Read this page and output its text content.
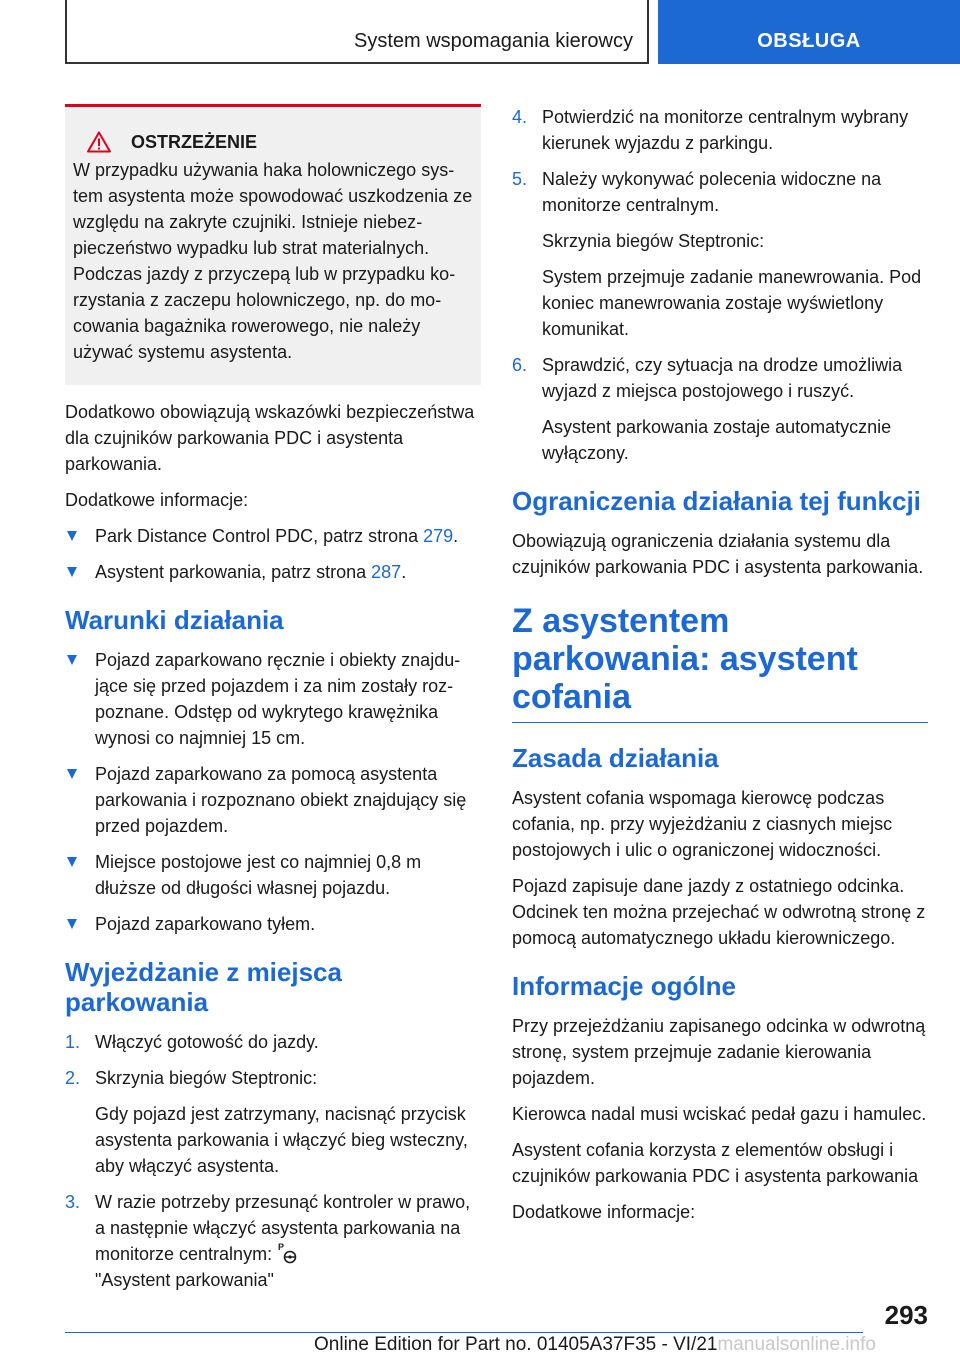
System wspomagania kierowcy	OBSŁUGA
OSTRZEŻENIE
W przypadku używania haka holowniczego system asystenta może spowodować uszkodzenia ze względu na zakryte czujniki. Istnieje niebezpieczeństwo wypadku lub strat materialnych. Podczas jazdy z przyczepą lub w przypadku korzystania z zaczepu holowniczego, np. do mocowania bagażnika rowerowego, nie należy używać systemu asystenta.

Dodatkowo obowiązują wskazówki bezpieczeństwa dla czujników parkowania PDC i asystenta parkowania.

Dodatkowe informacje:

Park Distance Control PDC, patrz strona 279.
Asystent parkowania, patrz strona 287.
Warunki działania
Pojazd zaparkowano ręcznie i obiekty znajdujące się przed pojazdem i za nim zostały rozpoznane. Odstęp od wykrytego krawężnika wynosi co najmniej 15 cm.
Pojazd zaparkowano za pomocą asystenta parkowania i rozpoznano obiekt znajdujący się przed pojazdem.
Miejsce postojowe jest co najmniej 0,8 m dłuższe od długości własnej pojazdu.
Pojazd zaparkowano tyłem.
Wyjeżdżanie z miejsca parkowania
1. Włączyć gotowość do jazdy.
2. Skrzynia biegów Steptronic:
Gdy pojazd jest zatrzymany, nacisnąć przycisk asystenta parkowania i włączyć bieg wsteczny, aby włączyć asystenta.
3. W razie potrzeby przesunąć kontroler w prawo, a następnie włączyć asystenta parkowania na monitorze centralnym: P

"Asystent parkowania"
4. Potwierdzić na monitorze centralnym wybrany kierunek wyjazdu z parkingu.
5. Należy wykonywać polecenia widoczne na monitorze centralnym.
Skrzynia biegów Steptronic:
System przejmuje zadanie manewrowania. Pod koniec manewrowania zostaje wyświetlony komunikat.
6. Sprawdzić, czy sytuacja na drodze umożliwia wyjazd z miejsca postojowego i ruszyć.
Asystent parkowania zostaje automatycznie wyłączony.
Ograniczenia działania tej funkcji

Obowiązują ograniczenia działania systemu dla czujników parkowania PDC i asystenta parkowania.

Z asystentem parkowania: asystent cofania
Zasada działania

Asystent cofania wspomaga kierowcę podczas cofania, np. przy wyjeżdżaniu z ciasnych miejsc postojowych i ulic o ograniczonej widoczności.

Pojazd zapisuje dane jazdy z ostatniego odcinka. Odcinek ten można przejechać w odwrotną stronę z pomocą automatycznego układu kierowniczego.

Informacje ogólne

Przy przejeżdżaniu zapisanego odcinka w odwrotną stronę, system przejmuje zadanie kierowania pojazdem.

Kierowca nadal musi wciskać pedał gazu i hamulec.

Asystent cofania korzysta z elementów obsługi i czujników parkowania PDC i asystenta parkowania

Dodatkowe informacje:

293
Online Edition for Part no. 01405A37F35 - VI/21manualsonline.info
